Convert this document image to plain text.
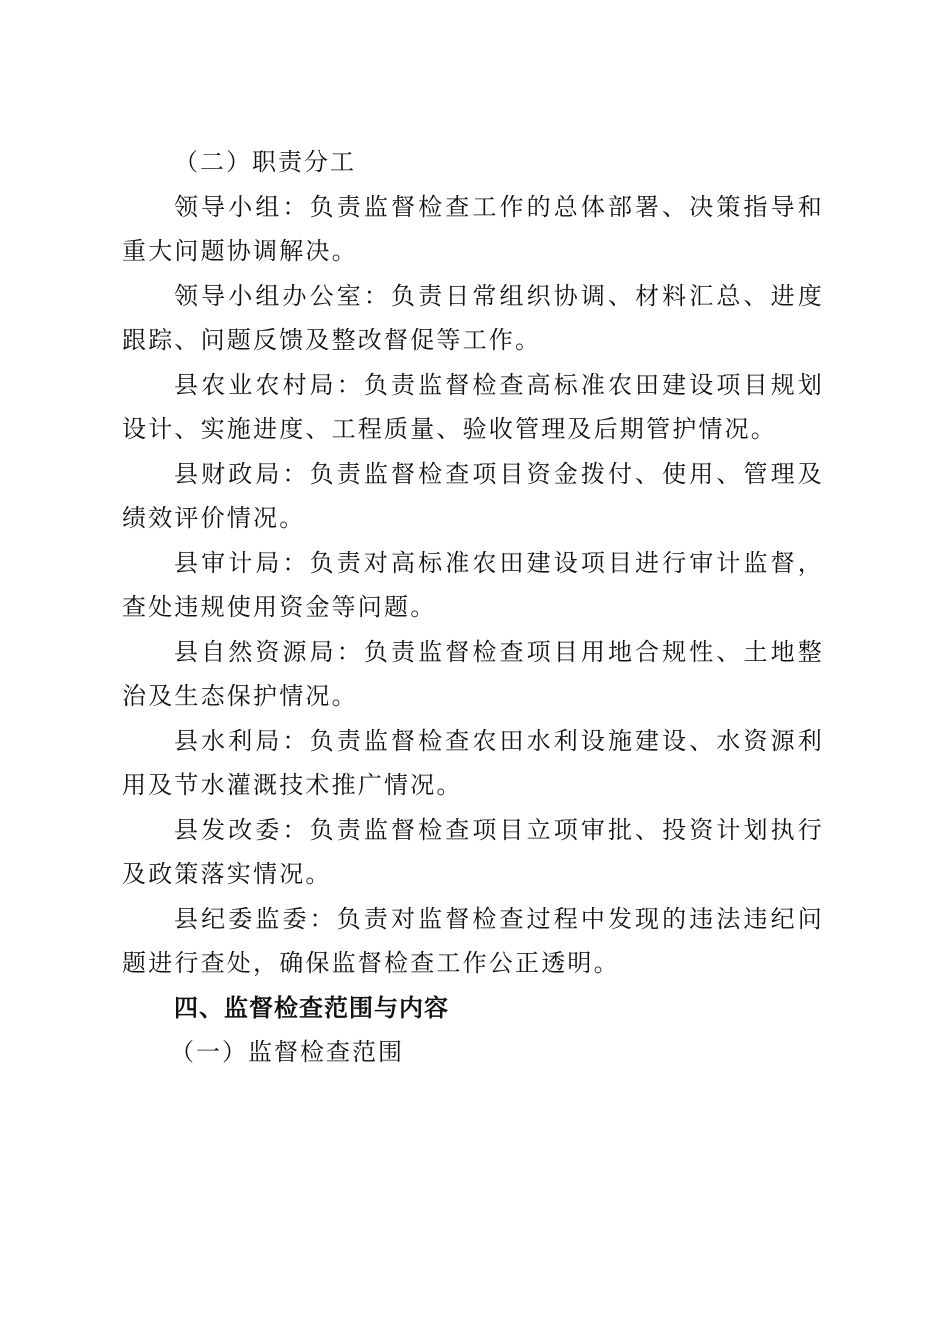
（二）职责分工

领导小组：负责监督检查工作的总体部署、决策指导和重大问题协调解决。

领导小组办公室：负责日常组织协调、材料汇总、进度跟踪、问题反馈及整改督促等工作。

县农业农村局：负责监督检查高标准农田建设项目规划设计、实施进度、工程质量、验收管理及后期管护情况。

县财政局：负责监督检查项目资金拨付、使用、管理及绩效评价情况。

县审计局：负责对高标准农田建设项目进行审计监督，查处违规使用资金等问题。

县自然资源局：负责监督检查项目用地合规性、土地整治及生态保护情况。

县水利局：负责监督检查农田水利设施建设、水资源利用及节水灌溉技术推广情况。

县发改委：负责监督检查项目立项审批、投资计划执行及政策落实情况。

县纪委监委：负责对监督检查过程中发现的违法违纪问题进行查处，确保监督检查工作公正透明。

四、监督检查范围与内容

（一）监督检查范围
